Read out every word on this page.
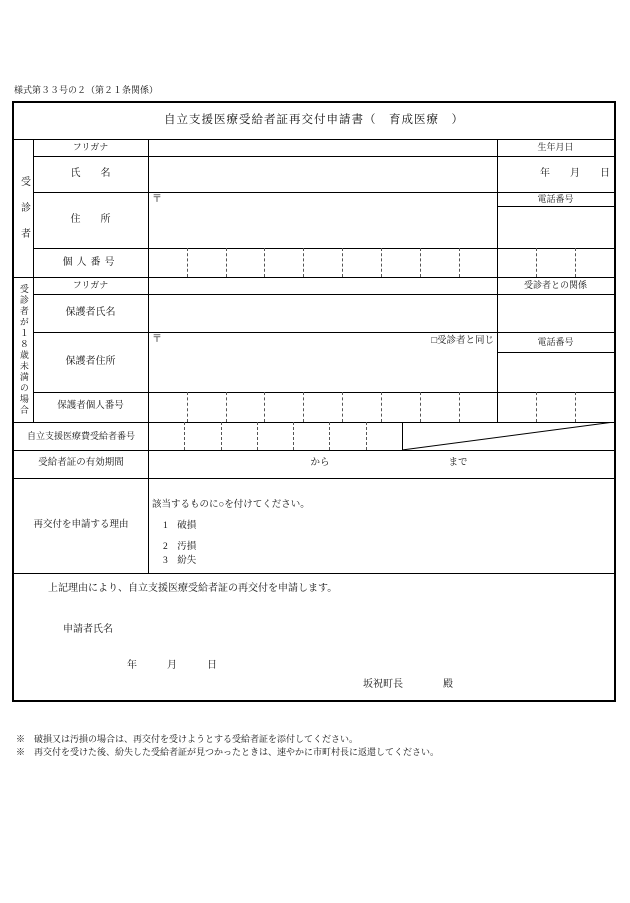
様式第３３号の２（第２１条関係）
自立支援医療受給者証再交付申請書（　育成医療　）
受診者
フリガナ	生年月日
氏　　名	年　　月　　日
住　　所
〒	電話番号
個人番号
受診者が１８歳未満の場合	フリガナ	受診者との関係
保護者氏名
〒	□受診者と同じ	電話番号
保護者住所
保護者個人番号
自立支援医療費受給者番号
受給者証の有効期間	から	まで
再交付を申請する理由
該当するものに○を付けてください。
1　破損
2　汚損
3　紛失
上記理由により、自立支援医療受給者証の再交付を申請します。
申請者氏名
年　　　月　　　日
坂祝町長　　　　殿
※　破損又は汚損の場合は、再交付を受けようとする受給者証を添付してください。
※　再交付を受けた後、紛失した受給者証が見つかったときは、速やかに市町村長に返還してください。
